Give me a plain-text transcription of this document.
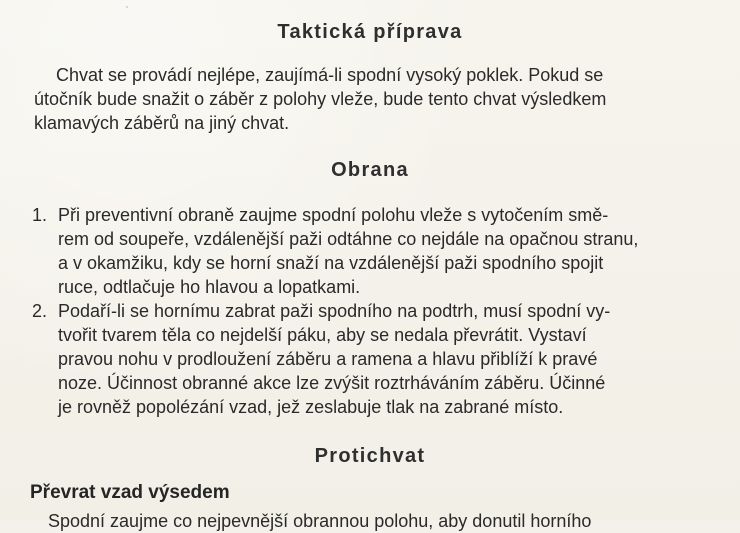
Taktická příprava
Chvat se provádí nejlépe, zaujímá-li spodní vysoký poklek. Pokud se
útočník bude snažit o záběr z polohy vleže, bude tento chvat výsledkem
klamavých záběrů na jiný chvat.
Obrana
1. Při preventivní obraně zaujme spodní polohu vleže s vytočením smě-
rem od soupeře, vzdálenější paži odtáhne co nejdále na opačnou stranu,
a v okamžiku, kdy se horní snaží na vzdálenější paži spodního spojit
ruce, odtlačuje ho hlavou a lopatkami.
2. Podaří-li se hornímu zabrat paži spodního na podtrh, musí spodní vy-
tvořit tvarem těla co nejdelší páku, aby se nedala převrátit. Vystaví
pravou nohu v prodloužení záběru a ramena a hlavu přiblíží k pravé
noze. Účinnost obranné akce lze zvýšit roztrháváním záběru. Účinné
je rovněž popolézání vzad, jež zeslabuje tlak na zabrané místo.
Protichvat
Převrat vzad výsedem
Spodní zaujme co nejpevnější obrannou polohu, aby donutil horního
